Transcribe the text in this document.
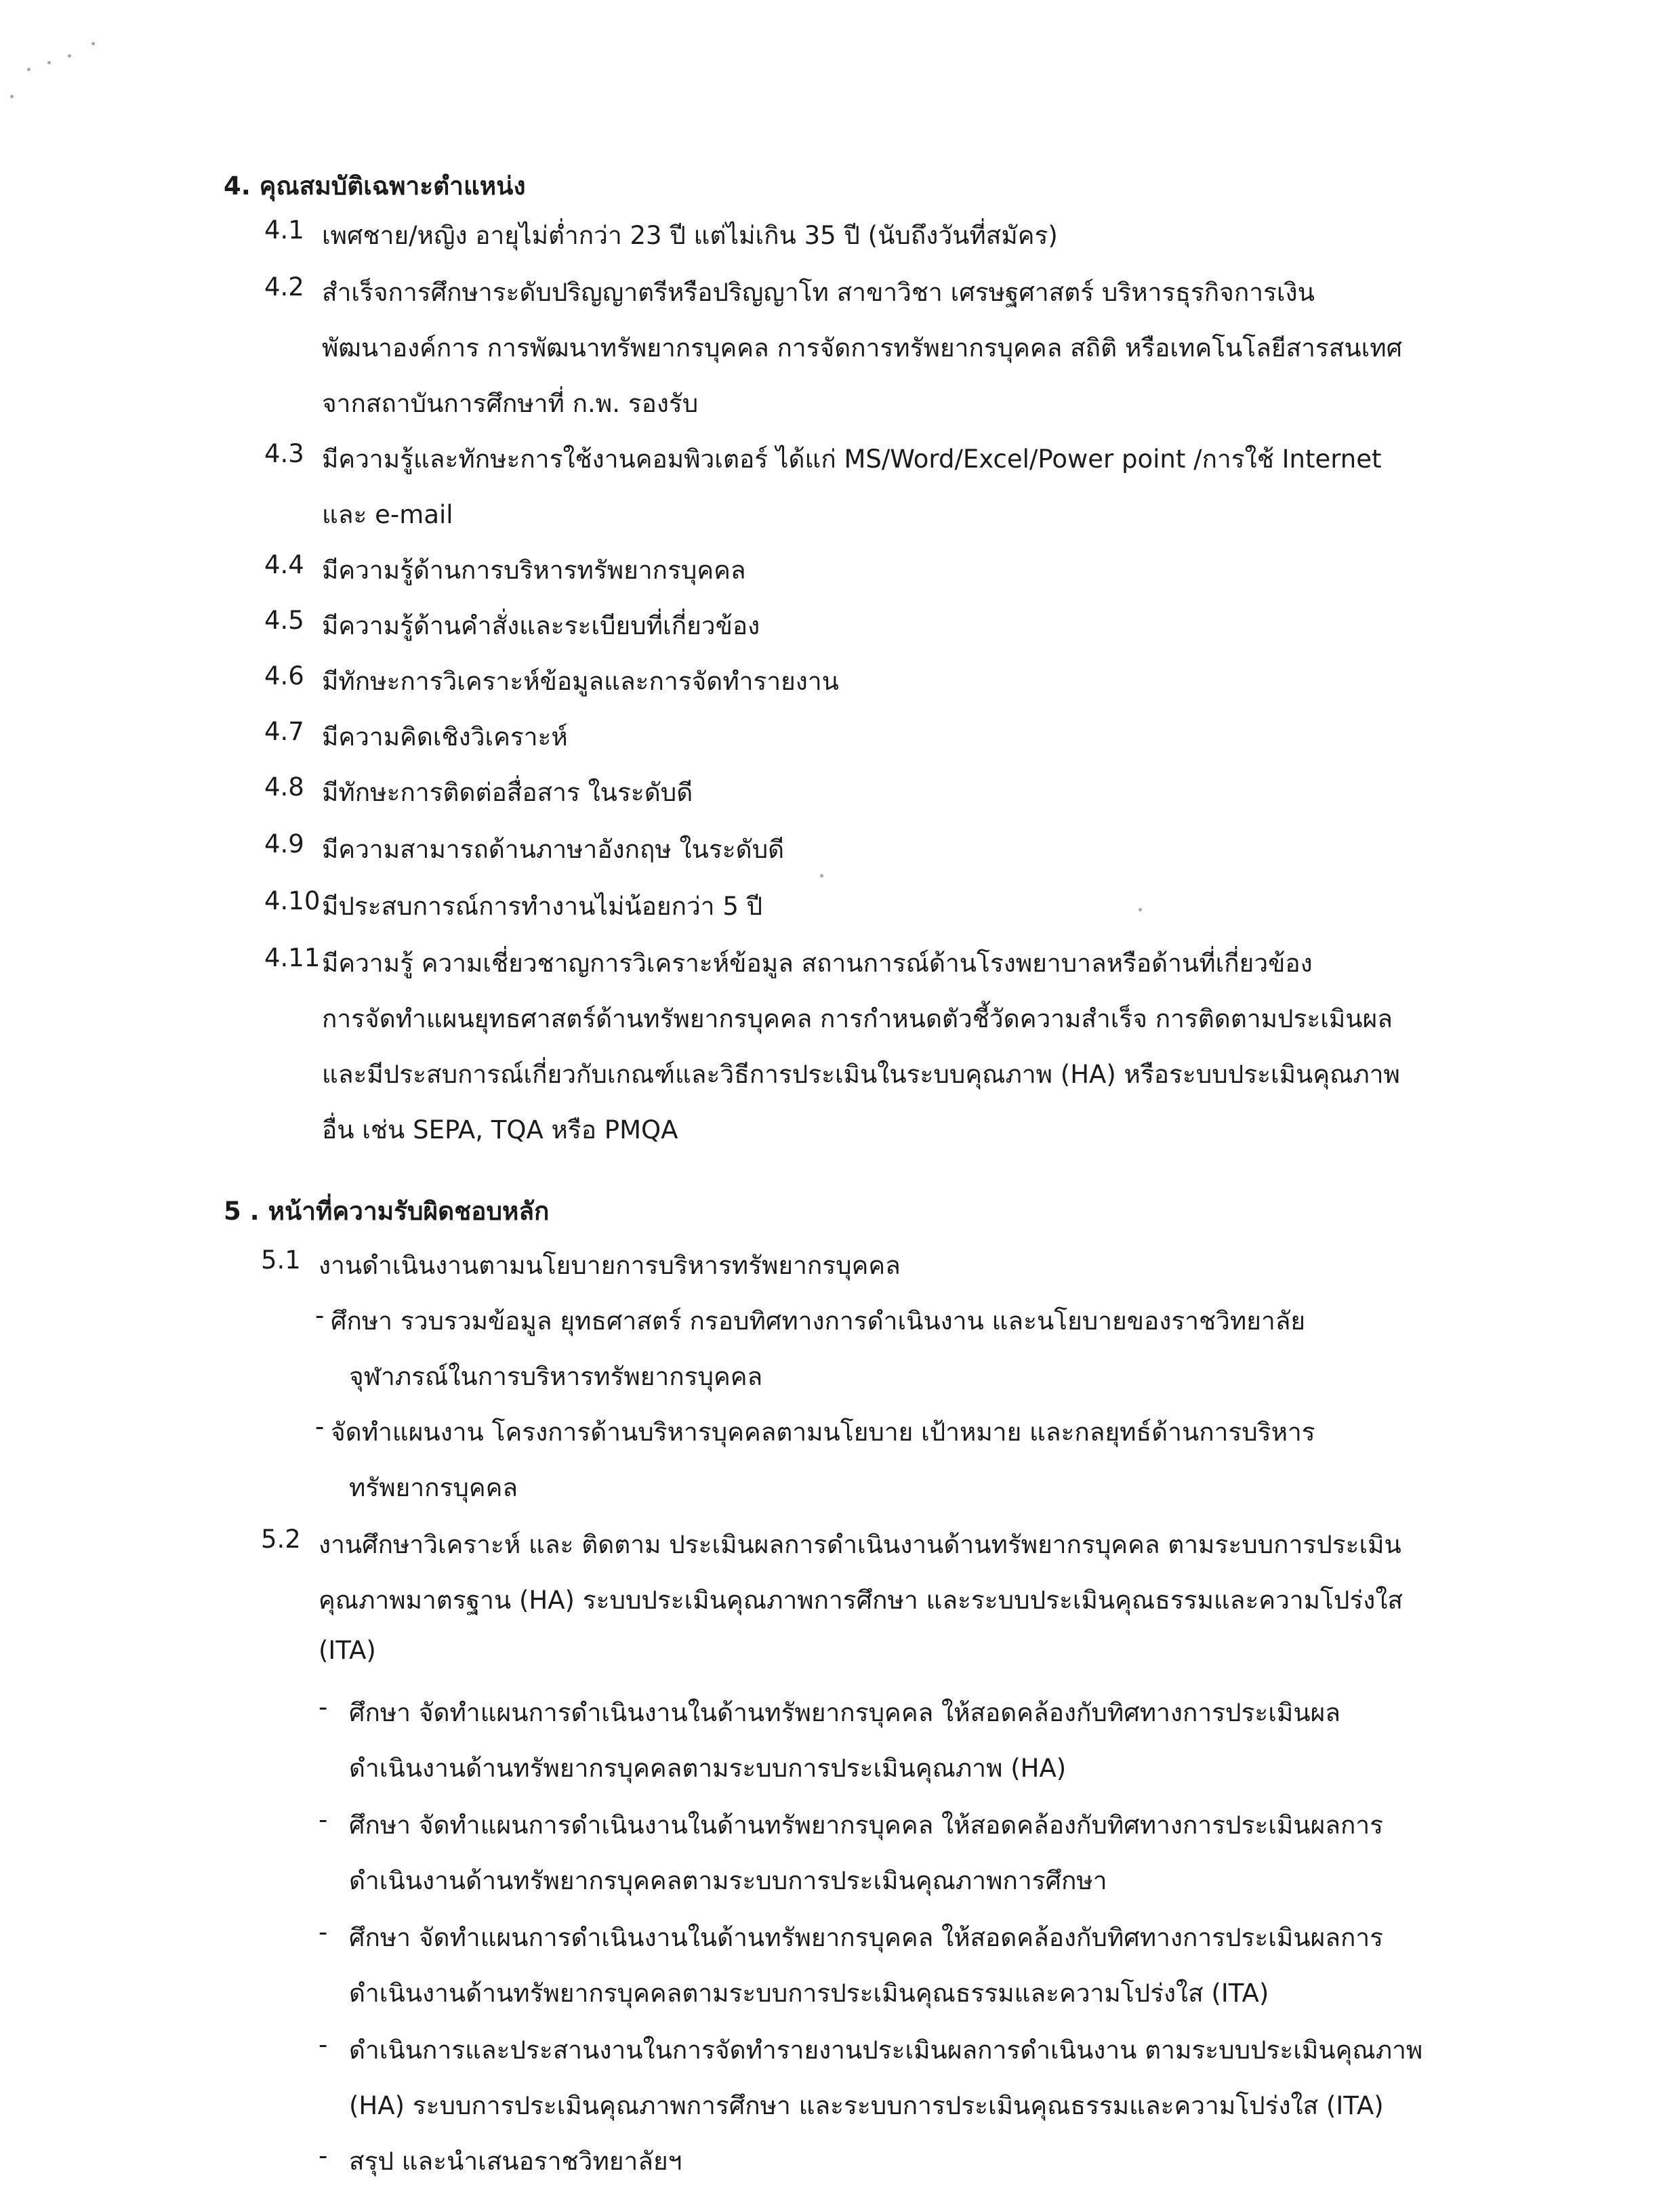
4. คุณสมบัติเฉพาะตำแหน่ง
4.1 เพศชาย/หญิง อายุไม่ต่ำกว่า 23 ปี แต่ไม่เกิน 35 ปี (นับถึงวันที่สมัคร)
4.2 สำเร็จการศึกษาระดับปริญญาตรีหรือปริญญาโท สาขาวิชา เศรษฐศาสตร์ บริหารธุรกิจการเงิน
พัฒนาองค์การ การพัฒนาทรัพยากรบุคคล การจัดการทรัพยากรบุคคล สถิติ หรือเทคโนโลยีสารสนเทศ
จากสถาบันการศึกษาที่ ก.พ. รองรับ
4.3 มีความรู้และทักษะการใช้งานคอมพิวเตอร์ ได้แก่ MS/Word/Excel/Power point /การใช้ Internet
และ e-mail
4.4 มีความรู้ด้านการบริหารทรัพยากรบุคคล
4.5 มีความรู้ด้านคำสั่งและระเบียบที่เกี่ยวข้อง
4.6 มีทักษะการวิเคราะห์ข้อมูลและการจัดทำรายงาน
4.7 มีความคิดเชิงวิเคราะห์
4.8 มีทักษะการติดต่อสื่อสาร ในระดับดี
4.9 มีความสามารถด้านภาษาอังกฤษ ในระดับดี
4.10 มีประสบการณ์การทำงานไม่น้อยกว่า 5 ปี
4.11 มีความรู้ ความเชี่ยวชาญการวิเคราะห์ข้อมูล สถานการณ์ด้านโรงพยาบาลหรือด้านที่เกี่ยวข้อง
การจัดทำแผนยุทธศาสตร์ด้านทรัพยากรบุคคล การกำหนดตัวชี้วัดความสำเร็จ การติดตามประเมินผล
และมีประสบการณ์เกี่ยวกับเกณฑ์และวิธีการประเมินในระบบคุณภาพ (HA) หรือระบบประเมินคุณภาพ
อื่น เช่น SEPA, TQA หรือ PMQA
5 . หน้าที่ความรับผิดชอบหลัก
5.1 งานดำเนินงานตามนโยบายการบริหารทรัพยากรบุคคล
- ศึกษา รวบรวมข้อมูล ยุทธศาสตร์ กรอบทิศทางการดำเนินงาน และนโยบายของราชวิทยาลัย
จุฬาภรณ์ในการบริหารทรัพยากรบุคคล
- จัดทำแผนงาน โครงการด้านบริหารบุคคลตามนโยบาย เป้าหมาย และกลยุทธ์ด้านการบริหาร
ทรัพยากรบุคคล
5.2 งานศึกษาวิเคราะห์ และ ติดตาม ประเมินผลการดำเนินงานด้านทรัพยากรบุคคล ตามระบบการประเมิน
คุณภาพมาตรฐาน (HA) ระบบประเมินคุณภาพการศึกษา และระบบประเมินคุณธรรมและความโปร่งใส
(ITA)
- ศึกษา จัดทำแผนการดำเนินงานในด้านทรัพยากรบุคคล ให้สอดคล้องกับทิศทางการประเมินผล
ดำเนินงานด้านทรัพยากรบุคคลตามระบบการประเมินคุณภาพ (HA)
- ศึกษา จัดทำแผนการดำเนินงานในด้านทรัพยากรบุคคล ให้สอดคล้องกับทิศทางการประเมินผลการ
ดำเนินงานด้านทรัพยากรบุคคลตามระบบการประเมินคุณภาพการศึกษา
- ศึกษา จัดทำแผนการดำเนินงานในด้านทรัพยากรบุคคล ให้สอดคล้องกับทิศทางการประเมินผลการ
ดำเนินงานด้านทรัพยากรบุคคลตามระบบการประเมินคุณธรรมและความโปร่งใส (ITA)
- ดำเนินการและประสานงานในการจัดทำรายงานประเมินผลการดำเนินงาน ตามระบบประเมินคุณภาพ
(HA) ระบบการประเมินคุณภาพการศึกษา และระบบการประเมินคุณธรรมและความโปร่งใส (ITA)
- สรุป และนำเสนอราชวิทยาลัยฯ
